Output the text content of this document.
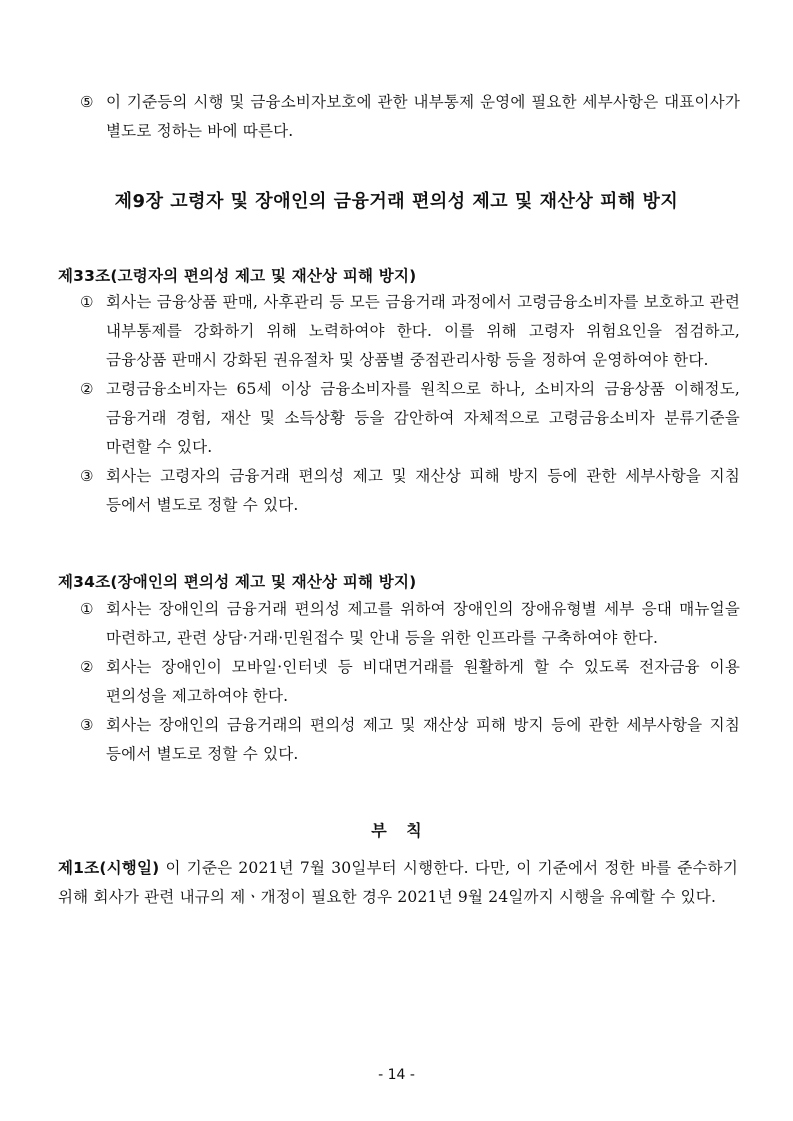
⑤ 이 기준등의 시행 및 금융소비자보호에 관한 내부통제 운영에 필요한 세부사항은 대표이사가 별도로 정하는 바에 따른다.

제9장 고령자 및 장애인의 금융거래 편의성 제고 및 재산상 피해 방지
제33조(고령자의 편의성 제고 및 재산상 피해 방지)

① 회사는 금융상품 판매, 사후관리 등 모든 금융거래 과정에서 고령금융소비자를 보호하고 관련 내부통제를 강화하기 위해 노력하여야 한다. 이를 위해 고령자 위험요인을 점검하고, 금융상품 판매시 강화된 권유절차 및 상품별 중점관리사항 등을 정하여 운영하여야 한다.

② 고령금융소비자는 65세 이상 금융소비자를 원칙으로 하나, 소비자의 금융상품 이해정도, 금융거래 경험, 재산 및 소득상황 등을 감안하여 자체적으로 고령금융소비자 분류기준을 마련할 수 있다.

③ 회사는 고령자의 금융거래 편의성 제고 및 재산상 피해 방지 등에 관한 세부사항을 지침 등에서 별도로 정할 수 있다.

제34조(장애인의 편의성 제고 및 재산상 피해 방지)

① 회사는 장애인의 금융거래 편의성 제고를 위하여 장애인의 장애유형별 세부 응대 매뉴얼을 마련하고, 관련 상담·거래·민원접수 및 안내 등을 위한 인프라를 구축하여야 한다.

② 회사는 장애인이 모바일·인터넷 등 비대면거래를 원활하게 할 수 있도록 전자금융 이용 편의성을 제고하여야 한다.

③ 회사는 장애인의 금융거래의 편의성 제고 및 재산상 피해 방지 등에 관한 세부사항을 지침 등에서 별도로 정할 수 있다.

부 칙
제1조(시행일) 이 기준은 2021년 7월 30일부터 시행한다. 다만, 이 기준에서 정한 바를 준수하기 위해 회사가 관련 내규의 제ㆍ개정이 필요한 경우 2021년 9월 24일까지 시행을 유예할 수 있다.
- 14 -
